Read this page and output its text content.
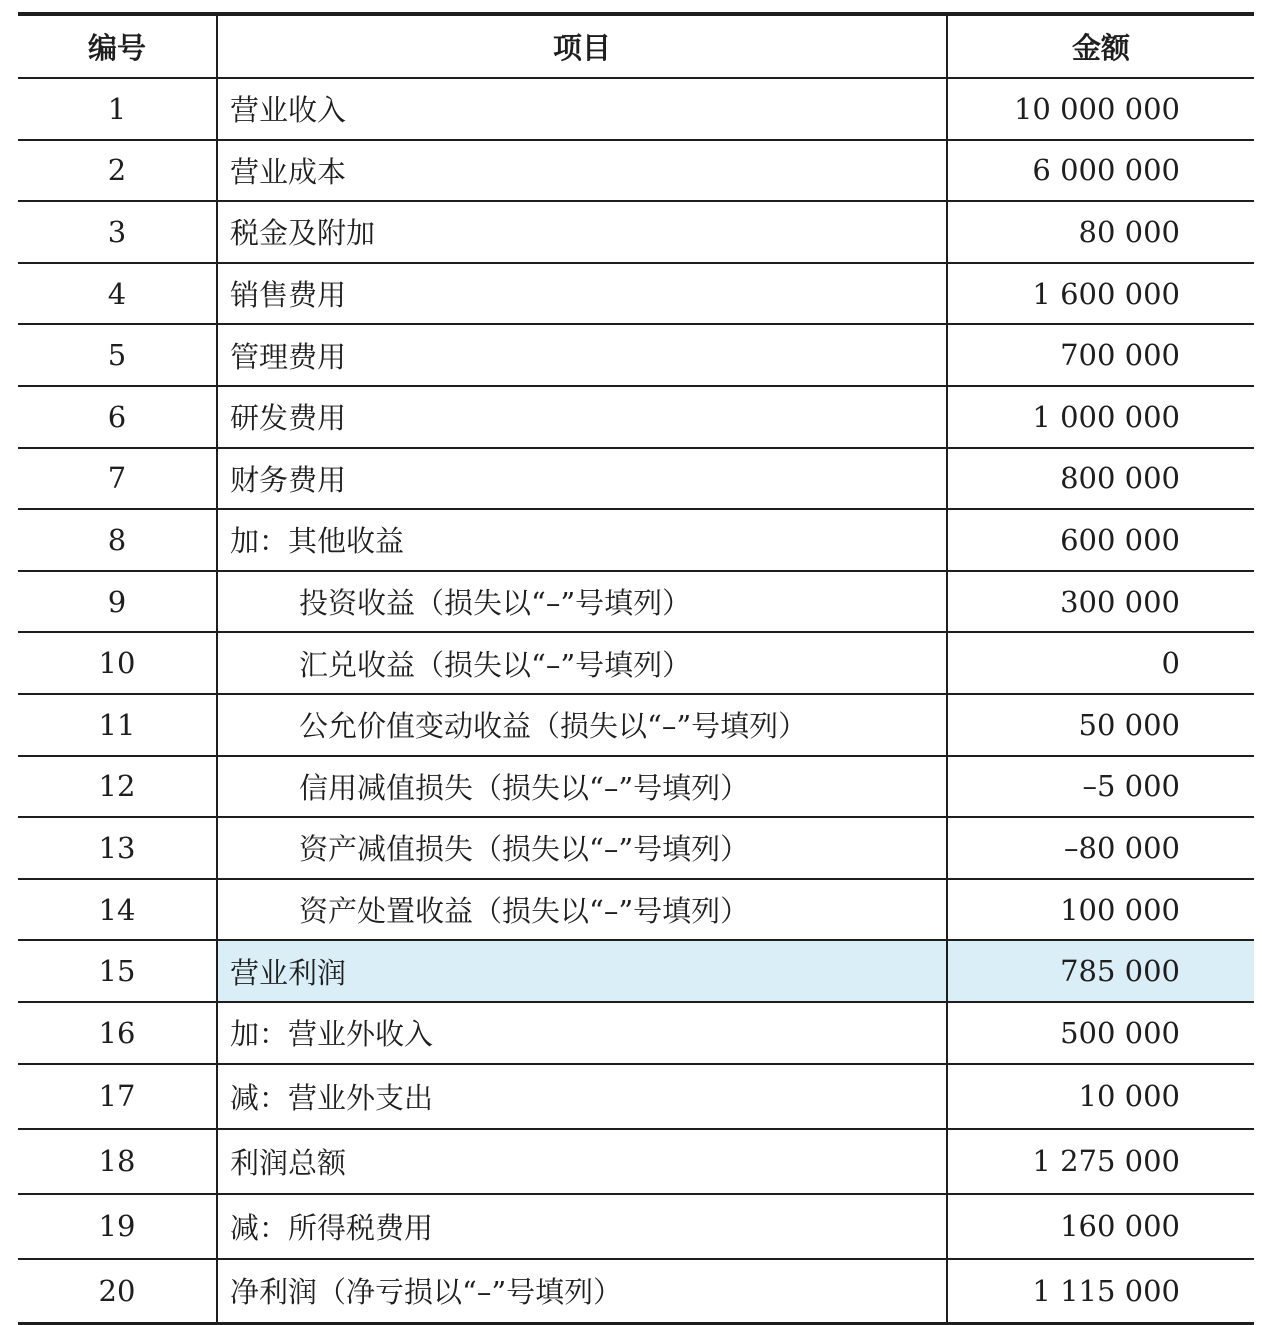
编号	项目	金额
1	营业收入	10 000 000
2	营业成本	6 000 000
3	税金及附加	80 000
4	销售费用	1 600 000
5	管理费用	700 000
6	研发费用	1 000 000
7	财务费用	800 000
8	加：其他收益	600 000
9	投资收益（损失以“–”号填列）	300 000
10	汇兑收益（损失以“–”号填列）	0
11	公允价值变动收益（损失以“–”号填列）	50 000
12	信用减值损失（损失以“–”号填列）	–5 000
13	资产减值损失（损失以“–”号填列）	–80 000
14	资产处置收益（损失以“–”号填列）	100 000
15	营业利润	785 000
16	加：营业外收入	500 000
17	减：营业外支出	10 000
18	利润总额	1 275 000
19	减：所得税费用	160 000
20	净利润（净亏损以“–”号填列）	1 115 000
